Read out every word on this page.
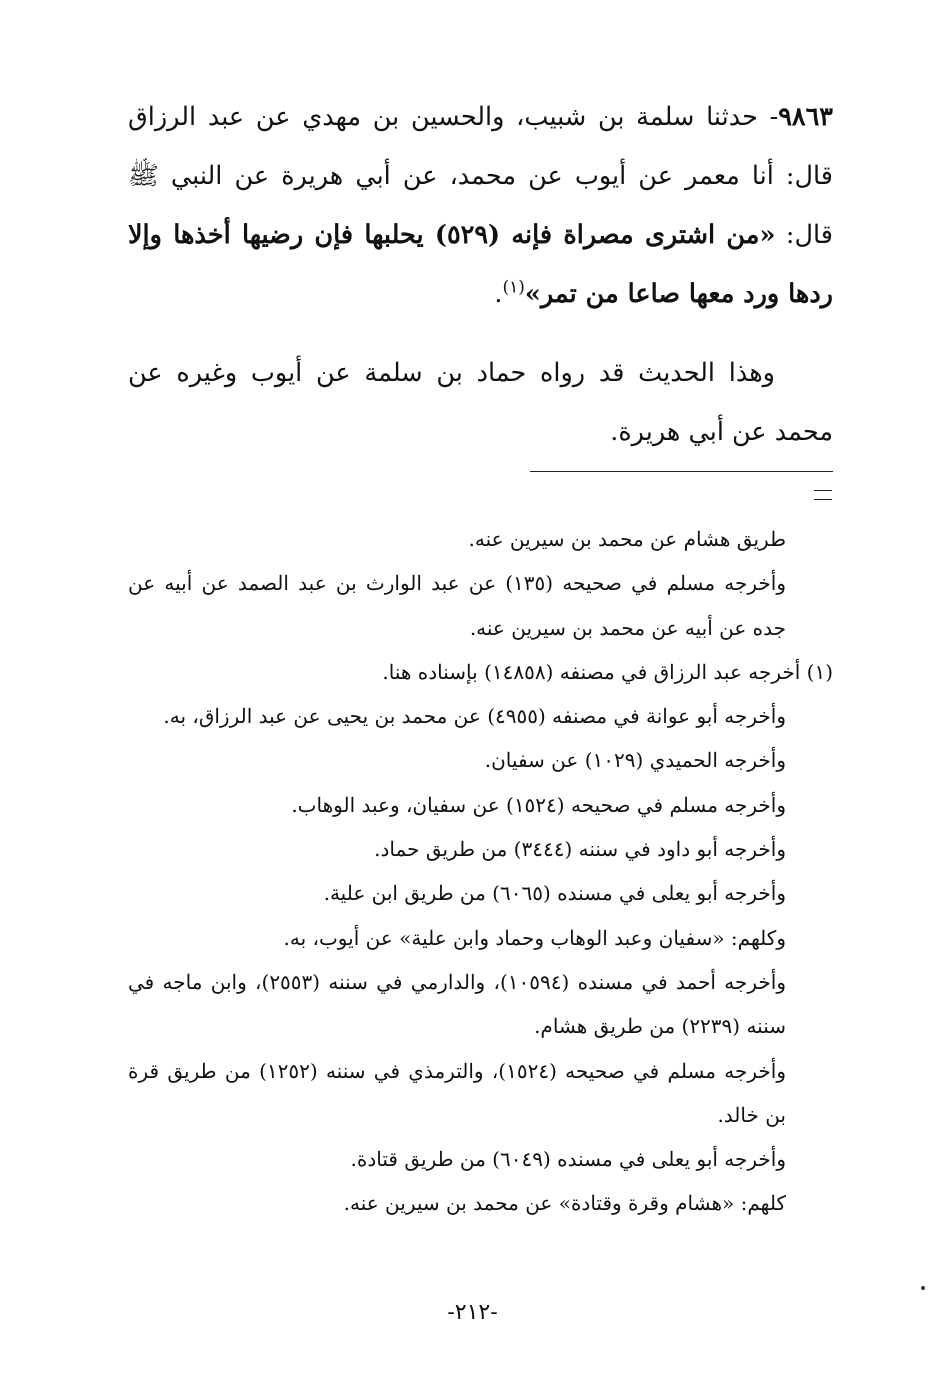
٩٨٦٣- حدثنا سلمة بن شبيب، والحسين بن مهدي عن عبد الرزاق قال: أنا معمر عن أيوب عن محمد، عن أبي هريرة عن النبي ﷺ قال: «من اشترى مصراة فإنه (٥٢٩) يحلبها فإن رضيها أخذها وإلا ردها ورد معها صاعا من تمر»$^{(١)}$.

وهذا الحديث قد رواه حماد بن سلمة عن أيوب وغيره عن محمد عن أبي هريرة.

طريق هشام عن محمد بن سيرين عنه.

وأخرجه مسلم في صحيحه (١٣٥) عن عبد الوارث بن عبد الصمد عن أبيه عن جده عن أبيه عن محمد بن سيرين عنه.

(١) أخرجه عبد الرزاق في مصنفه (١٤٨٥٨) بإسناده هنا.

وأخرجه أبو عوانة في مصنفه (٤٩٥٥) عن محمد بن يحيى عن عبد الرزاق، به.

وأخرجه الحميدي (١٠٢٩) عن سفيان.

وأخرجه مسلم في صحيحه (١٥٢٤) عن سفيان، وعبد الوهاب.

وأخرجه أبو داود في سننه (٣٤٤٤) من طريق حماد.

وأخرجه أبو يعلى في مسنده (٦٠٦٥) من طريق ابن علية.

وكلهم: «سفيان وعبد الوهاب وحماد وابن علية» عن أيوب، به.

وأخرجه أحمد في مسنده (١٠٥٩٤)، والدارمي في سننه (٢٥٥٣)، وابن ماجه في سننه (٢٢٣٩) من طريق هشام.

وأخرجه مسلم في صحيحه (١٥٢٤)، والترمذي في سننه (١٢٥٢) من طريق قرة بن خالد.

وأخرجه أبو يعلى في مسنده (٦٠٤٩) من طريق قتادة.

كلهم: «هشام وقرة وقتادة» عن محمد بن سيرين عنه.

-٢١٢-
